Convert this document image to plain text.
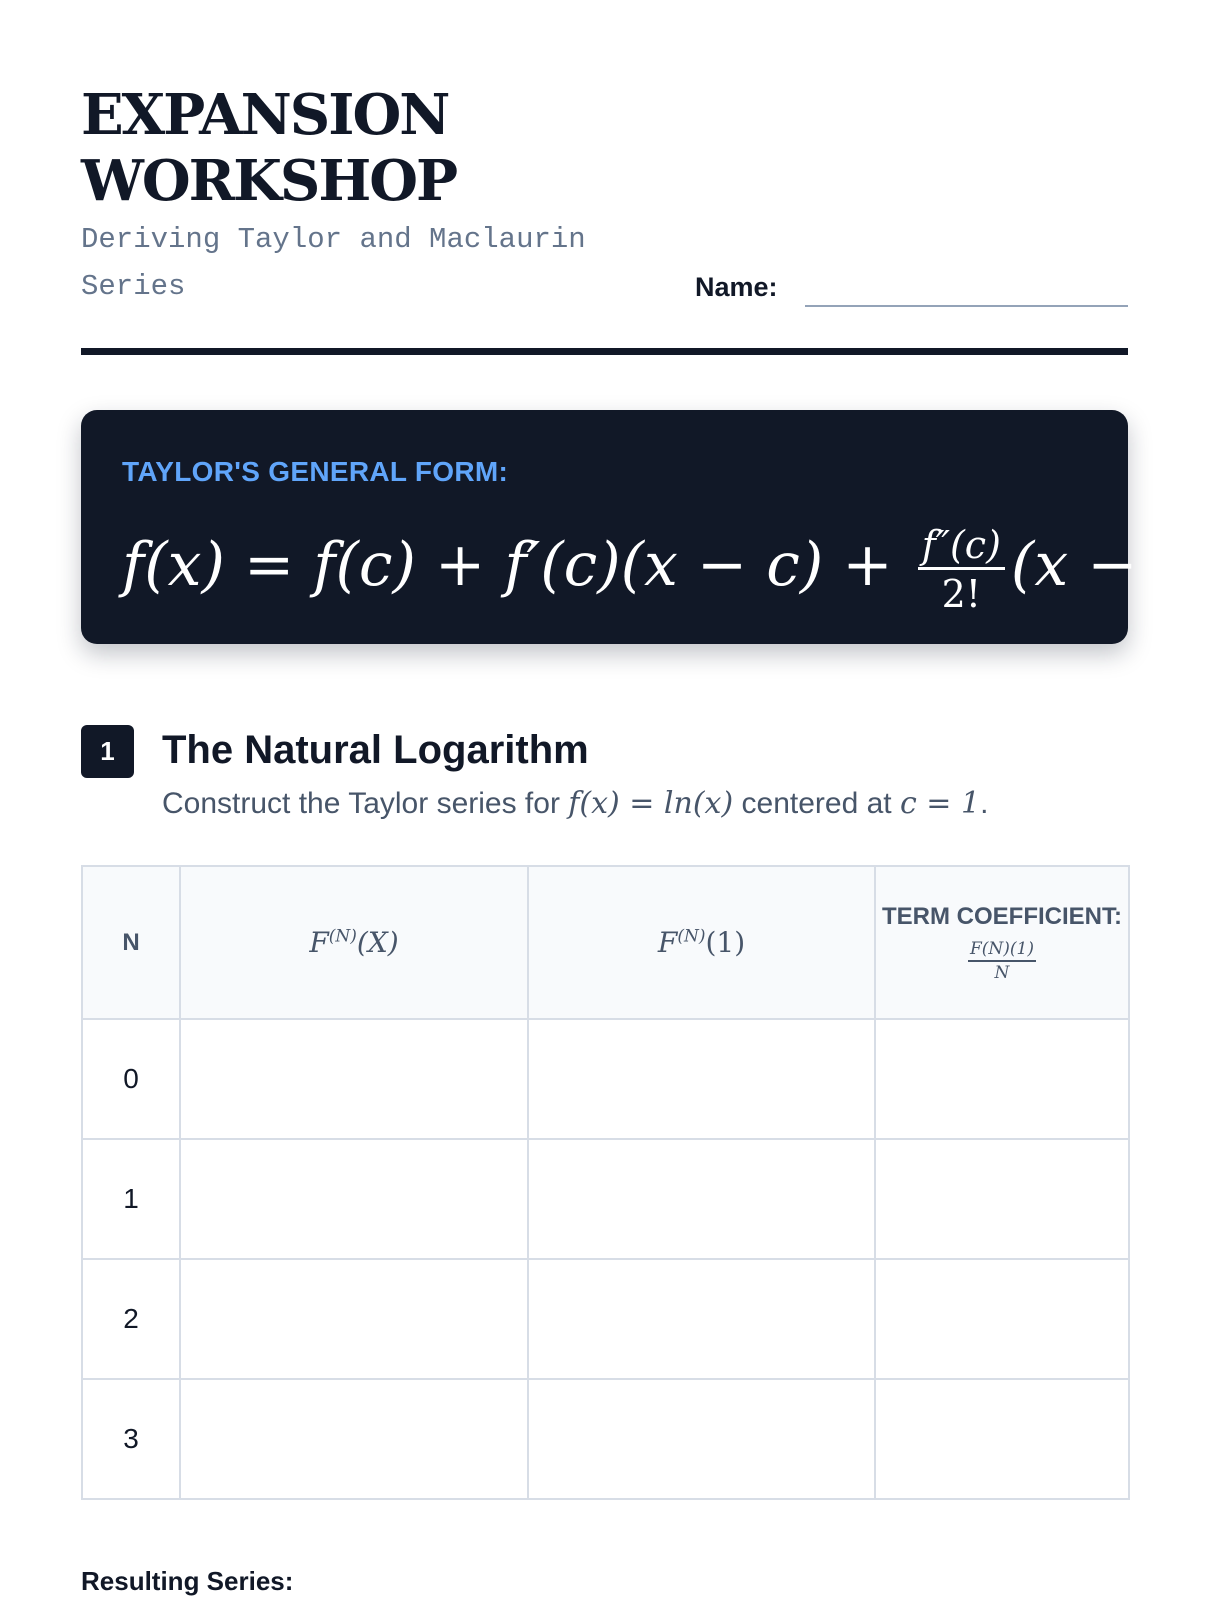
EXPANSION
WORKSHOP
Deriving Taylor and Maclaurin Series	Name:
TAYLOR'S GENERAL FORM:
$f(x) = f(c) + f'(c)(x - c) + \frac{f''(c)}{2!} (x - c)$
1	The Natural Logarithm
Construct the Taylor series for f(x) = ln(x) centered at c = 1.
N	$F^{(N)}(X)$	$F^{(N)}(1)$	TERM COEFFICIENT:
$\frac{F(N)(1)}{N}$

0			
1			
2			
3			
Resulting Series:
